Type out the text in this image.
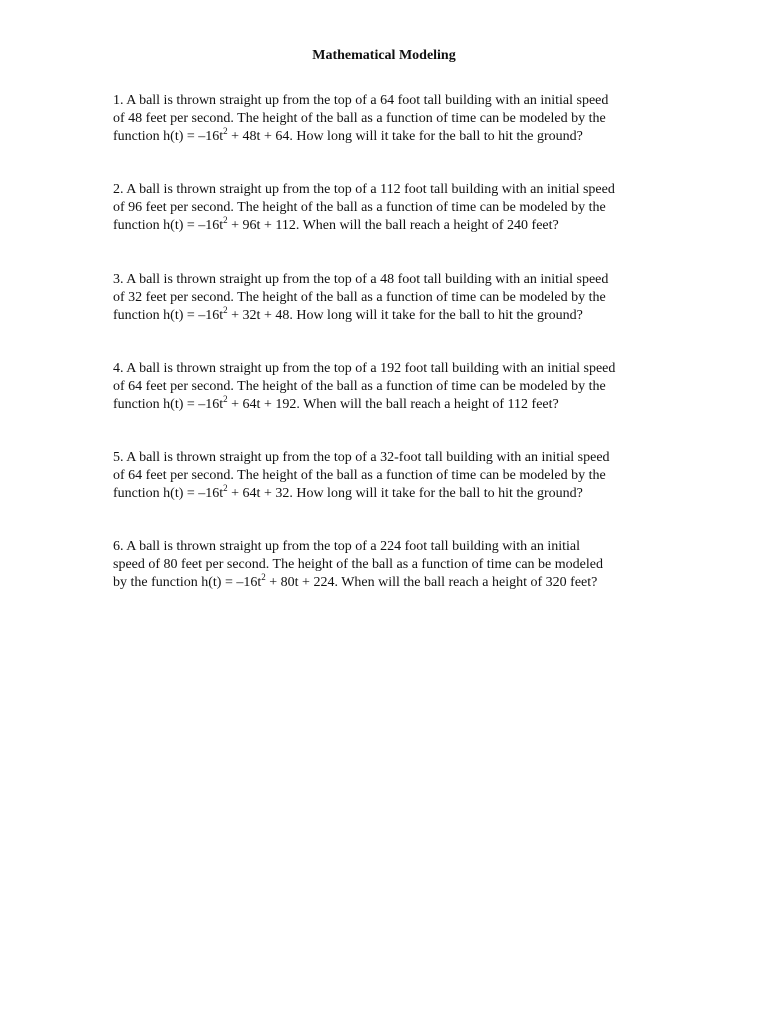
Mathematical Modeling
1. A ball is thrown straight up from the top of a 64 foot tall building with an initial speed
of 48 feet per second. The height of the ball as a function of time can be modeled by the
function $h(t) = -16t^2 + 48t + 64$. How long will it take for the ball to hit the ground?
2. A ball is thrown straight up from the top of a 112 foot tall building with an initial speed
of 96 feet per second. The height of the ball as a function of time can be modeled by the
function $h(t) = -16t^2 + 96t + 112$. When will the ball reach a height of 240 feet?
3. A ball is thrown straight up from the top of a 48 foot tall building with an initial speed
of 32 feet per second. The height of the ball as a function of time can be modeled by the
function $h(t) = -16t^2 + 32t + 48$. How long will it take for the ball to hit the ground?
4. A ball is thrown straight up from the top of a 192 foot tall building with an initial speed
of 64 feet per second. The height of the ball as a function of time can be modeled by the
function $h(t) = -16t^2 + 64t + 192$. When will the ball reach a height of 112 feet?
5. A ball is thrown straight up from the top of a 32-foot tall building with an initial speed
of 64 feet per second. The height of the ball as a function of time can be modeled by the
function $h(t) = -16t^2 + 64t + 32$. How long will it take for the ball to hit the ground?
6. A ball is thrown straight up from the top of a 224 foot tall building with an initial
speed of 80 feet per second. The height of the ball as a function of time can be modeled
by the function $h(t) = -16t^2 + 80t + 224$. When will the ball reach a height of 320 feet?
